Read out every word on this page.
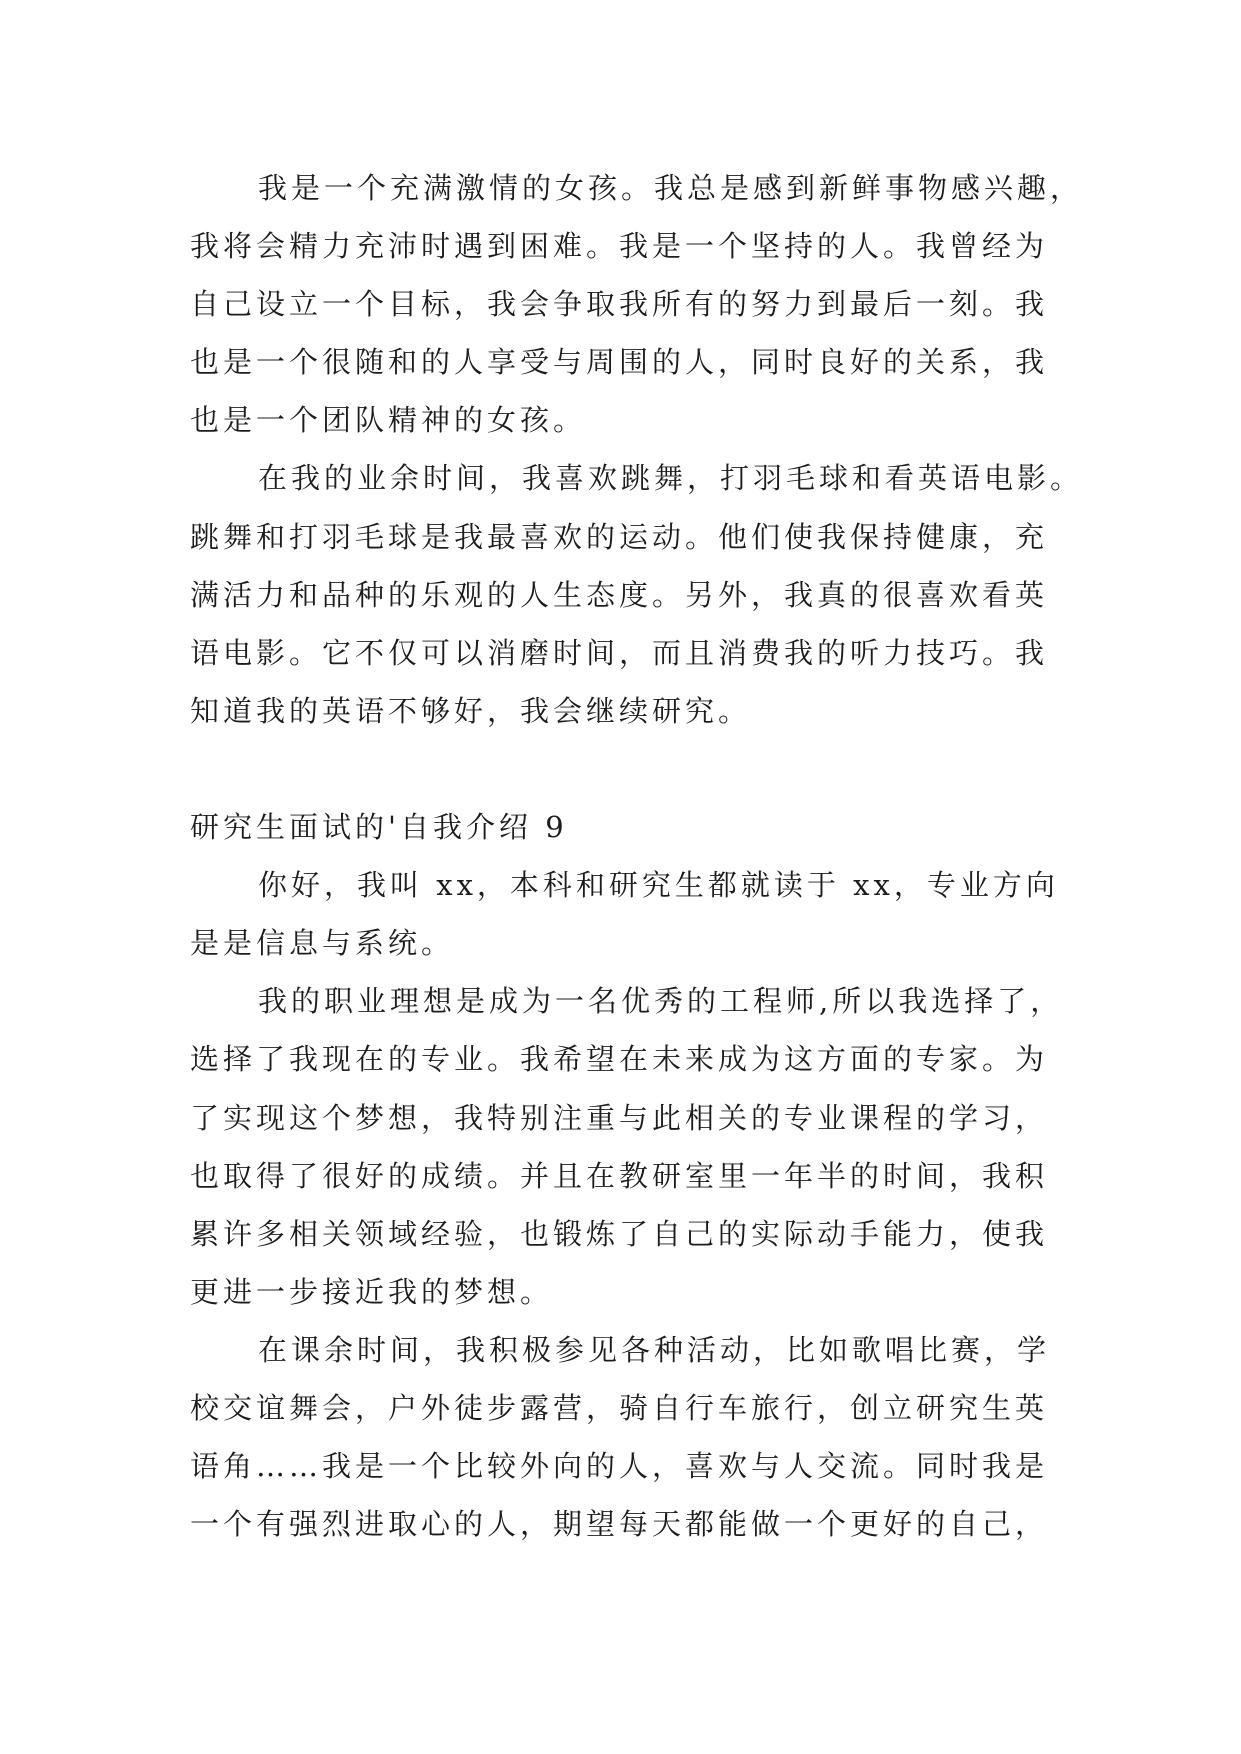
我是一个充满激情的女孩。我总是感到新鲜事物感兴趣，
我将会精力充沛时遇到困难。我是一个坚持的人。我曾经为
自己设立一个目标，我会争取我所有的努力到最后一刻。我
也是一个很随和的人享受与周围的人，同时良好的关系，我
也是一个团队精神的女孩。
在我的业余时间，我喜欢跳舞，打羽毛球和看英语电影。
跳舞和打羽毛球是我最喜欢的运动。他们使我保持健康，充
满活力和品种的乐观的人生态度。另外，我真的很喜欢看英
语电影。它不仅可以消磨时间，而且消费我的听力技巧。我
知道我的英语不够好，我会继续研究。
研究生面试的'自我介绍 9
你好，我叫 xx，本科和研究生都就读于 xx，专业方向
是是信息与系统。
我的职业理想是成为一名优秀的工程师,所以我选择了，
选择了我现在的专业。我希望在未来成为这方面的专家。为
了实现这个梦想，我特别注重与此相关的专业课程的学习，
也取得了很好的成绩。并且在教研室里一年半的时间，我积
累许多相关领域经验，也锻炼了自己的实际动手能力，使我
更进一步接近我的梦想。
在课余时间，我积极参见各种活动，比如歌唱比赛，学
校交谊舞会，户外徒步露营，骑自行车旅行，创立研究生英
语角……我是一个比较外向的人，喜欢与人交流。同时我是
一个有强烈进取心的人，期望每天都能做一个更好的自己，
